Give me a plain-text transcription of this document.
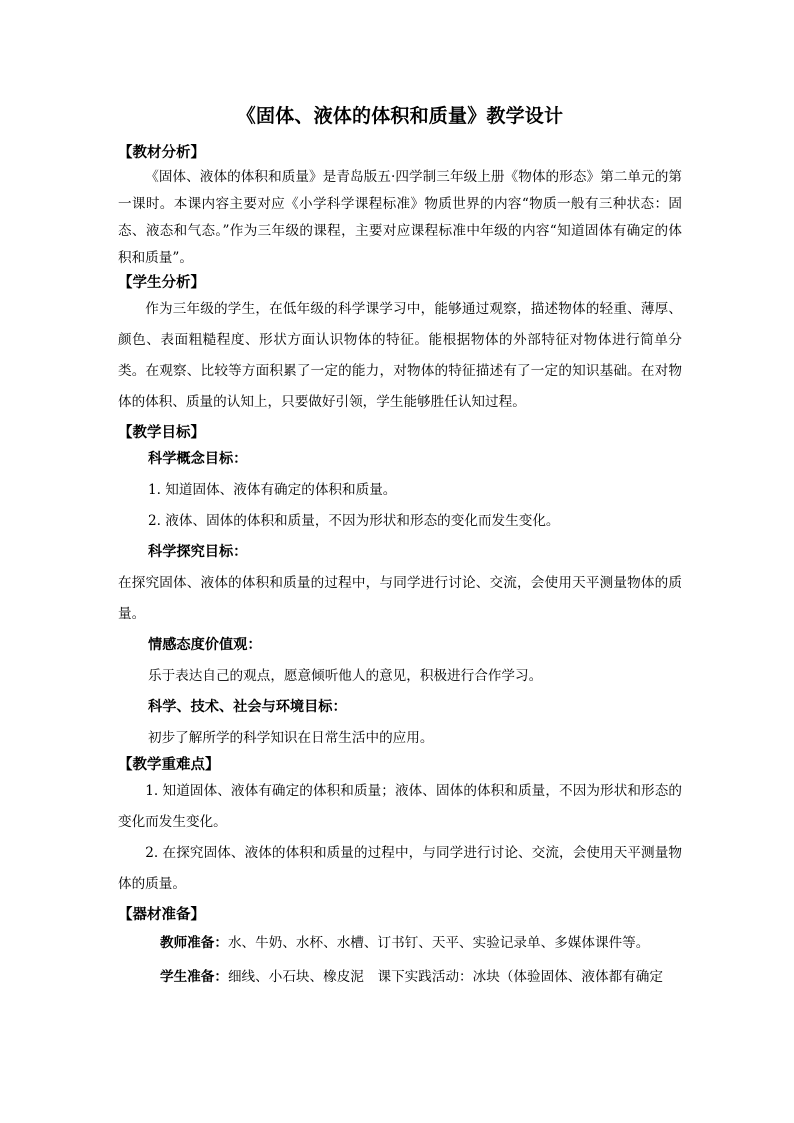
《固体、液体的体积和质量》教学设计
【教材分析】

《固体、液体的体积和质量》是青岛版五·四学制三年级上册《物体的形态》第二单元的第一课时。本课内容主要对应《小学科学课程标准》物质世界的内容“物质一般有三种状态：固态、液态和气态。”作为三年级的课程，主要对应课程标准中年级的内容“知道固体有确定的体积和质量”。

【学生分析】

作为三年级的学生，在低年级的科学课学习中，能够通过观察，描述物体的轻重、薄厚、 颜色、表面粗糙程度、形状方面认识物体的特征。能根据物体的外部特征对物体进行简单分类。在观察、比较等方面积累了一定的能力，对物体的特征描述有了一定的知识基础。在对物体的体积、质量的认知上，只要做好引领，学生能够胜任认知过程。

【教学目标】

科学概念目标：

1. 知道固体、液体有确定的体积和质量。

2. 液体、固体的体积和质量，不因为形状和形态的变化而发生变化。

科学探究目标：

在探究固体、液体的体积和质量的过程中，与同学进行讨论、交流，会使用天平测量物体的质量。

情感态度价值观：

乐于表达自己的观点，愿意倾听他人的意见，积极进行合作学习。

科学、技术、社会与环境目标：

初步了解所学的科学知识在日常生活中的应用。

【教学重难点】

1. 知道固体、液体有确定的体积和质量；液体、固体的体积和质量，不因为形状和形态的变化而发生变化。

2. 在探究固体、液体的体积和质量的过程中，与同学进行讨论、交流，会使用天平测量物体的质量。

【器材准备】

教师准备：水、牛奶、水杯、水槽、订书钉、天平、实验记录单、多媒体课件等。

学生准备：细线、小石块、橡皮泥　课下实践活动：冰块（体验固体、液体都有确定
